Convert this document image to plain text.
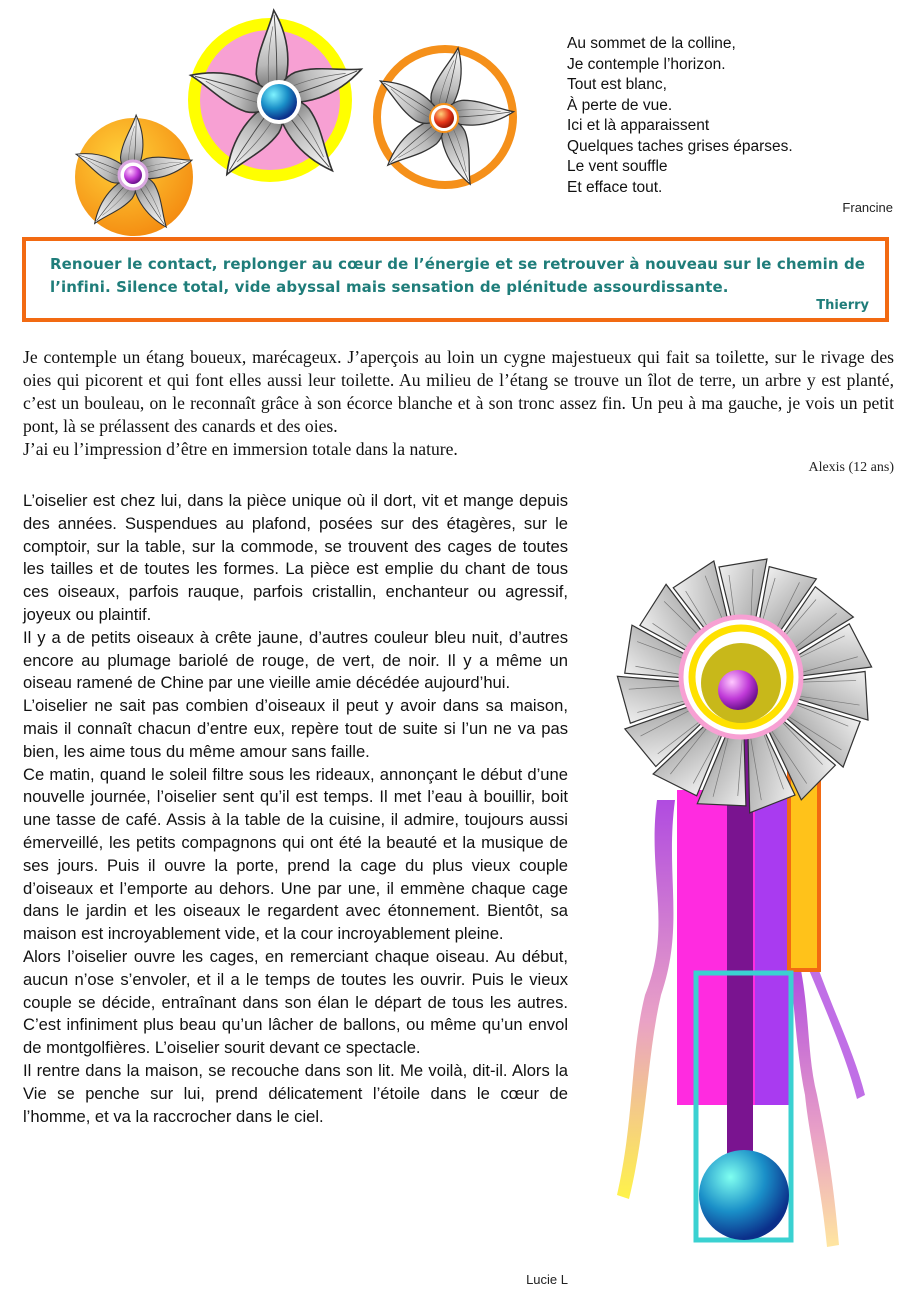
Au sommet de la colline,
Je contemple l’horizon.
Tout est blanc,
À perte de vue.
Ici et là apparaissent
Quelques taches grises éparses.
Le vent souffle
Et efface tout.
Francine
Renouer le contact, replonger au cœur de l’énergie et se retrouver à nouveau sur le chemin de l’infini. Silence total, vide abyssal mais sensation de plénitude assourdissante.
Thierry
Je contemple un étang boueux, marécageux. J’aperçois au loin un cygne majestueux qui fait sa toilette, sur le rivage des oies qui picorent et qui font elles aussi leur toilette. Au milieu de l’étang se trouve un îlot de terre, un arbre y est planté, c’est un bouleau, on le reconnaît grâce à son écorce blanche et à son tronc assez fin. Un peu à ma gauche, je vois un petit pont, là se prélassent des canards et des oies.
J’ai eu l’impression d’être en immersion totale dans la nature.
Alexis (12 ans)
L’oiselier est chez lui, dans la pièce unique où il dort, vit et mange depuis des années. Suspendues au plafond, posées sur des étagères, sur le comptoir, sur la table, sur la commode, se trouvent des cages de toutes les tailles et de toutes les formes. La pièce est emplie du chant de tous ces oiseaux, parfois rauque, parfois cristallin, enchanteur ou agressif, joyeux ou plaintif.
Il y a de petits oiseaux à crête jaune, d’autres couleur bleu nuit, d’autres encore au plumage bariolé de rouge, de vert, de noir. Il y a même un oiseau ramené de Chine par une vieille amie décédée aujourd’hui.
L’oiselier ne sait pas combien d’oiseaux il peut y avoir dans sa maison, mais il connaît chacun d’entre eux, repère tout de suite si l’un ne va pas bien, les aime tous du même amour sans faille.
Ce matin, quand le soleil filtre sous les rideaux, annonçant le début d’une nouvelle journée, l’oiselier sent qu’il est temps. Il met l’eau à bouillir, boit une tasse de café. Assis à la table de la cuisine, il admire, toujours aussi émerveillé, les petits compagnons qui ont été la beauté et la musique de ses jours. Puis il ouvre la porte, prend la cage du plus vieux couple d’oiseaux et l’emporte au dehors. Une par une, il emmène chaque cage dans le jardin et les oiseaux le regardent avec étonnement. Bientôt, sa maison est incroyablement vide, et la cour incroyablement pleine.
Alors l’oiselier ouvre les cages, en remerciant chaque oiseau. Au début, aucun n’ose s’envoler, et il a le temps de toutes les ouvrir. Puis le vieux couple se décide, entraînant dans son élan le départ de tous les autres. C’est infiniment plus beau qu’un lâcher de ballons, ou même qu’un envol de montgolfières. L’oiselier sourit devant ce spectacle.
Il rentre dans la maison, se recouche dans son lit. Me voilà, dit-il. Alors la Vie se penche sur lui, prend délicatement l’étoile dans le cœur de l’homme, et va la raccrocher dans le ciel.
Lucie L
